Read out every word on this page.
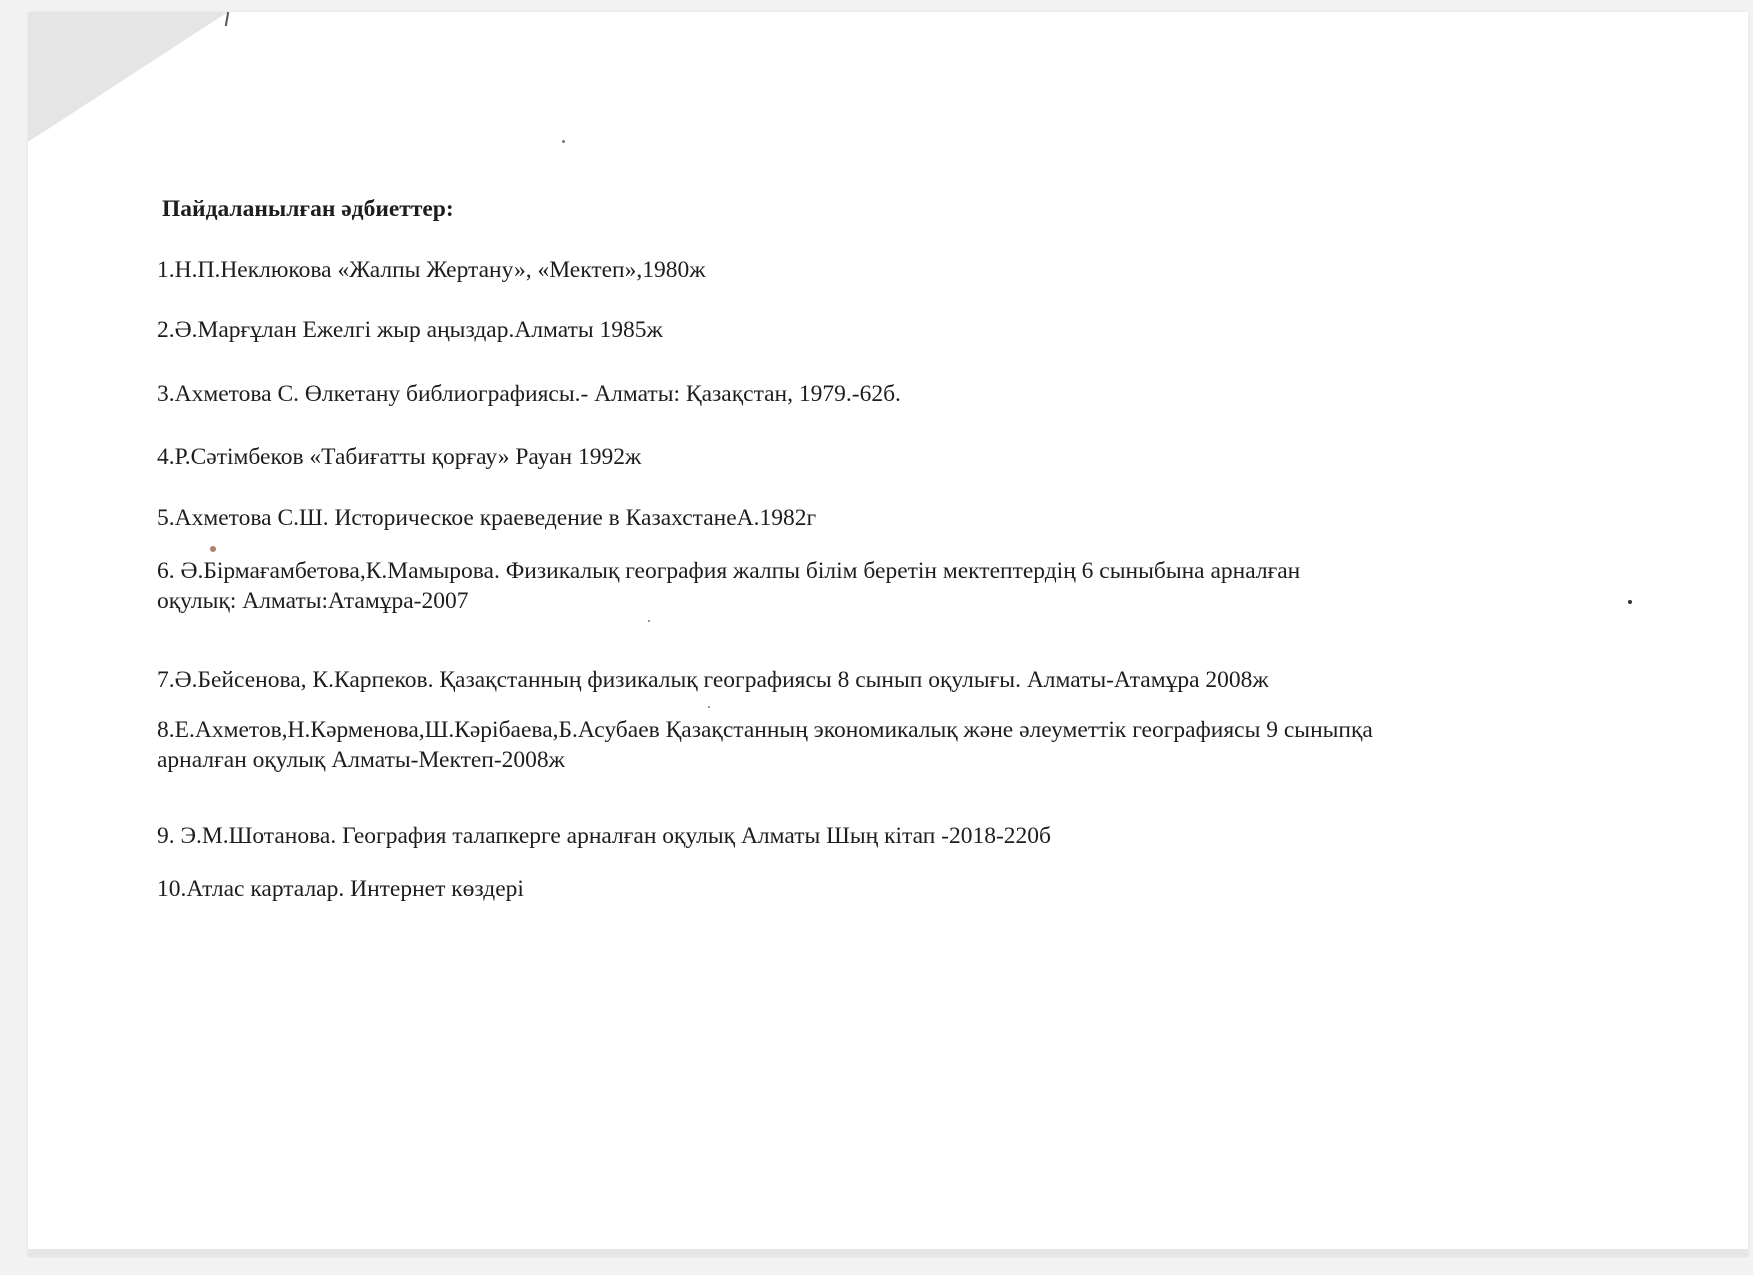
Пайдаланылған әдбиеттер:
1.Н.П.Неклюкова «Жалпы Жертану», «Мектеп»,1980ж
2.Ә.Марғұлан Ежелгі жыр аңыздар.Алматы 1985ж
3.Ахметова С. Өлкетану библиографиясы.- Алматы: Қазақстан, 1979.-62б.
4.Р.Сәтімбеков «Табиғатты қорғау» Рауан 1992ж
5.Ахметова С.Ш. Историческое краеведение в КазахстанеА.1982г
6. Ә.Бірмағамбетова,К.Мамырова. Физикалық география жалпы білім беретін мектептердің 6 сыныбына арналған
оқулық: Алматы:Атамұра-2007
7.Ә.Бейсенова, К.Карпеков. Қазақстанның физикалық географиясы 8 сынып оқулығы. Алматы-Атамұра 2008ж
8.Е.Ахметов,Н.Кәрменова,Ш.Кәрібаева,Б.Асубаев Қазақстанның экономикалық және әлеуметтік географиясы 9 сыныпқа
арналған оқулық Алматы-Мектеп-2008ж
9. Э.М.Шотанова. География талапкерге арналған оқулық Алматы Шың кітап -2018-220б
10.Атлас карталар. Интернет көздері
